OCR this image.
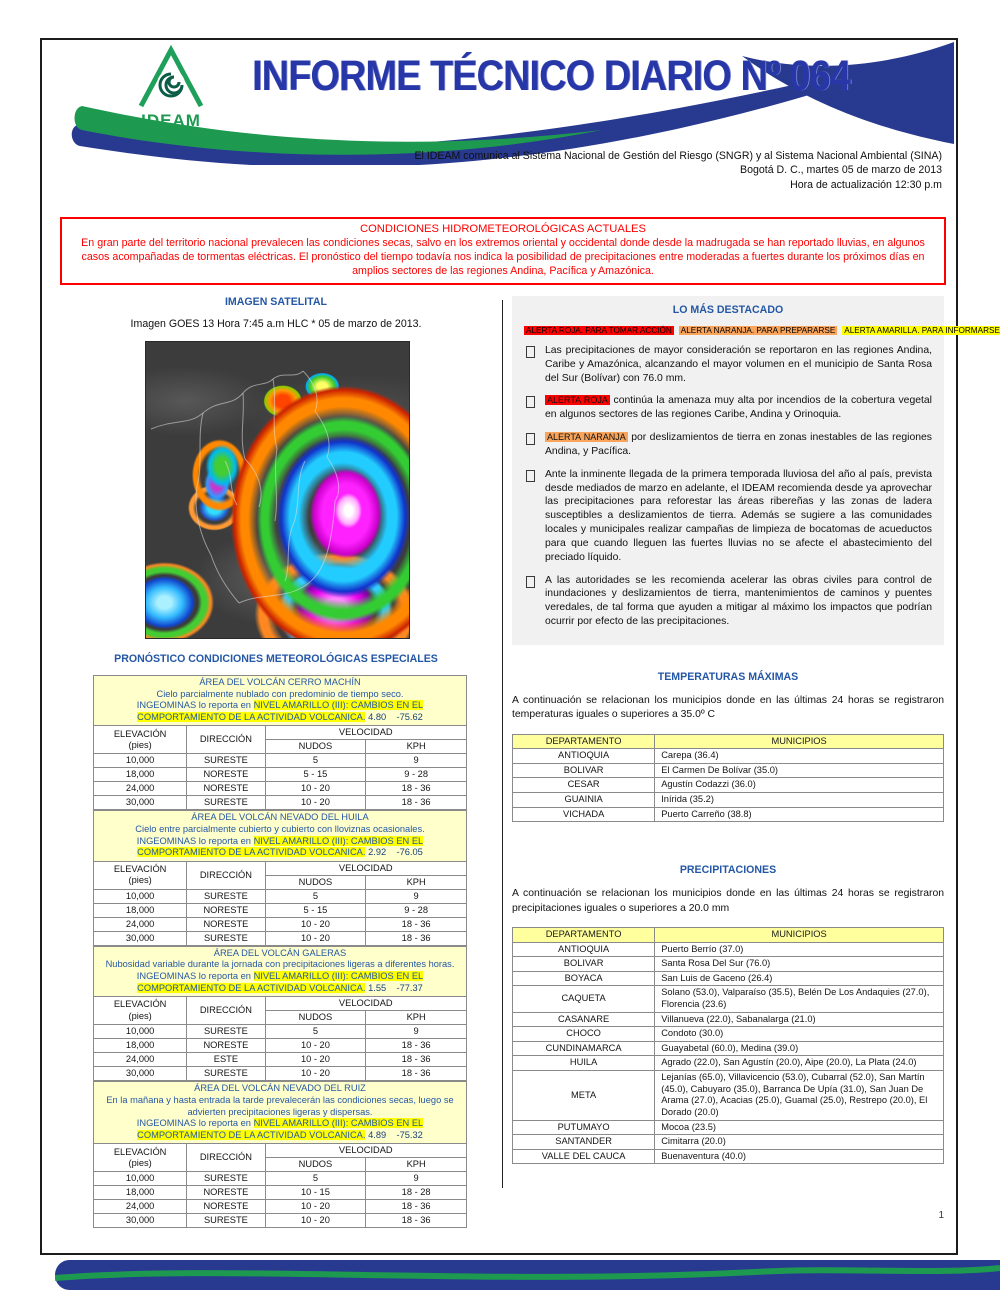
IDEAM
INFORME TÉCNICO DIARIO Nº 064
El IDEAM comunica al Sistema Nacional de Gestión del Riesgo (SNGR) y al Sistema Nacional Ambiental (SINA)
Bogotá D. C., martes 05 de marzo de 2013
Hora de actualización 12:30 p.m
CONDICIONES HIDROMETEOROLÓGICAS ACTUALES

En gran parte del territorio nacional prevalecen las condiciones secas, salvo en los extremos oriental y occidental donde desde la madrugada se han reportado lluvias, en algunos casos acompañadas de tormentas eléctricas. El pronóstico del tiempo todavía nos indica la posibilidad de precipitaciones entre moderadas a fuertes durante los próximos días en amplios sectores de las regiones Andina, Pacífica y Amazónica.

IMAGEN SATELITAL
Imagen GOES 13 Hora 7:45 a.m HLC * 05 de marzo de 2013.
PRONÓSTICO CONDICIONES METEOROLÓGICAS ESPECIALES
ÁREA DEL VOLCÁN CERRO MACHÍN
Cielo parcialmente nublado con predominio de tiempo seco.
INGEOMINAS lo reporta en NIVEL AMARILLO (III): CAMBIOS EN EL COMPORTAMIENTO DE LA ACTIVIDAD VOLCANICA. 4.80    -75.62			

ELEVACIÓN
(pies)	DIRECCIÓN	VELOCIDAD	
		NUDOS	KPH
10,000	SURESTE	5	9
18,000	NORESTE	5 - 15	9 - 28
24,000	NORESTE	10 - 20	18 - 36
30,000	SURESTE	10 - 20	18 - 36
ÁREA DEL VOLCÁN NEVADO DEL HUILA
Cielo entre parcialmente cubierto y cubierto con lloviznas ocasionales.
INGEOMINAS lo reporta en NIVEL AMARILLO (III): CAMBIOS EN EL COMPORTAMIENTO DE LA ACTIVIDAD VOLCANICA. 2.92    -76.05			

ELEVACIÓN
(pies)	DIRECCIÓN	VELOCIDAD	
		NUDOS	KPH
10,000	SURESTE	5	9
18,000	NORESTE	5 - 15	9 - 28
24,000	NORESTE	10 - 20	18 - 36
30,000	SURESTE	10 - 20	18 - 36
ÁREA DEL VOLCÁN GALERAS
Nubosidad variable durante la jornada con precipitaciones ligeras a diferentes horas.
INGEOMINAS lo reporta en NIVEL AMARILLO (III): CAMBIOS EN EL COMPORTAMIENTO DE LA ACTIVIDAD VOLCANICA. 1.55    -77.37			

ELEVACIÓN
(pies)	DIRECCIÓN	VELOCIDAD	
		NUDOS	KPH
10,000	SURESTE	5	9
18,000	NORESTE	10 - 20	18 - 36
24,000	ESTE	10 - 20	18 - 36
30,000	SURESTE	10 - 20	18 - 36
ÁREA DEL VOLCÁN NEVADO DEL RUIZ
En la mañana y hasta entrada la tarde prevalecerán las condiciones secas, luego se advierten precipitaciones ligeras y dispersas.
INGEOMINAS lo reporta en NIVEL AMARILLO (III): CAMBIOS EN EL COMPORTAMIENTO DE LA ACTIVIDAD VOLCANICA. 4.89    -75.32			

ELEVACIÓN
(pies)	DIRECCIÓN	VELOCIDAD	
		NUDOS	KPH
10,000	SURESTE	5	9
18,000	NORESTE	10 - 15	18 - 28
24,000	NORESTE	10 - 20	18 - 36
30,000	SURESTE	10 - 20	18 - 36
LO MÁS DESTACADO
ALERTA ROJA. PARA TOMAR ACCIÓN ALERTA NARANJA. PARA PREPARARSE ALERTA AMARILLA. PARA INFORMARSE

Las precipitaciones de mayor consideración se reportaron en las regiones Andina, Caribe y Amazónica, alcanzando el mayor volumen en el municipio de Santa Rosa del Sur (Bolívar) con 76.0 mm.

ALERTA ROJA continúa la amenaza muy alta por incendios de la cobertura vegetal en algunos sectores de las regiones Caribe, Andina y Orinoquia.

ALERTA NARANJA por deslizamientos de tierra en zonas inestables de las regiones Andina, y Pacífica.

Ante la inminente llegada de la primera temporada lluviosa del año al país, prevista desde mediados de marzo en adelante, el IDEAM recomienda desde ya aprovechar las precipitaciones para reforestar las áreas ribereñas y las zonas de ladera susceptibles a deslizamientos de tierra. Además se sugiere a las comunidades locales y municipales realizar campañas de limpieza de bocatomas de acueductos para que cuando lleguen las fuertes lluvias no se afecte el abastecimiento del preciado líquido.

A las autoridades se les recomienda acelerar las obras civiles para control de inundaciones y deslizamientos de tierra, mantenimientos de caminos y puentes veredales, de tal forma que ayuden a mitigar al máximo los impactos que podrían ocurrir por efecto de las precipitaciones.

TEMPERATURAS MÁXIMAS

A continuación se relacionan los municipios donde en las últimas 24 horas se registraron temperaturas iguales o superiores a 35.0º C

DEPARTAMENTO	MUNICIPIOS
ANTIOQUIA	Carepa (36.4)
BOLIVAR	El Carmen De Bolívar (35.0)
CESAR	Agustín Codazzi (36.0)
GUAINIA	Inírida (35.2)
VICHADA	Puerto Carreño (38.8)
PRECIPITACIONES

A continuación se relacionan los municipios donde en las últimas 24 horas se registraron precipitaciones iguales o superiores a 20.0 mm

DEPARTAMENTO	MUNICIPIOS
ANTIOQUIA	Puerto Berrío (37.0)
BOLIVAR	Santa Rosa Del Sur (76.0)
BOYACA	San Luis de Gaceno (26.4)
CAQUETA	Solano (53.0), Valparaíso (35.5), Belén De Los Andaquies (27.0), Florencia (23.6)
CASANARE	Villanueva (22.0), Sabanalarga (21.0)
CHOCO	Condoto (30.0)
CUNDINAMARCA	Guayabetal (60.0), Medina (39.0)
HUILA	Agrado (22.0), San Agustín (20.0), Aipe (20.0), La Plata (24.0)
META	Lejanías (65.0), Villavicencio (53.0), Cubarral (52.0), San Martín (45.0), Cabuyaro (35.0), Barranca De Upía (31.0), San Juan De Arama (27.0), Acacias (25.0), Guamal (25.0), Restrepo (20.0), El Dorado (20.0)
PUTUMAYO	Mocoa (23.5)
SANTANDER	Cimitarra (20.0)
VALLE DEL CAUCA	Buenaventura (40.0)
1
